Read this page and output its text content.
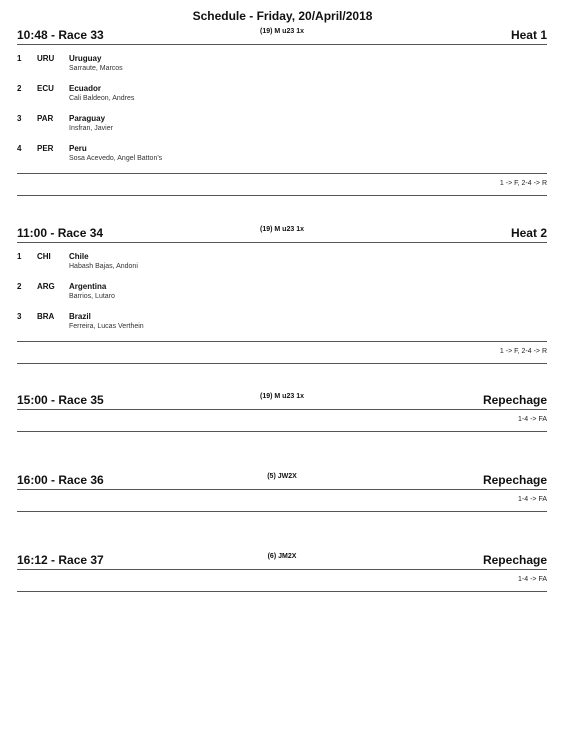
Schedule - Friday, 20/April/2018
10:48 - Race 33	(19) M u23 1x	Heat 1
1 URU Uruguay
Sarraute, Marcos
2 ECU Ecuador
Cali Baldeon, Andres
3 PAR Paraguay
Insfran, Javier
4 PER Peru
Sosa Acevedo, Angel Batton's
1 -> F, 2-4 -> R
11:00 - Race 34	(19) M u23 1x	Heat 2
1 CHI Chile
Habash Bajas, Andoni
2 ARG Argentina
Barrios, Lutaro
3 BRA Brazil
Ferreira, Lucas Verthein
1 -> F, 2-4 -> R
15:00 - Race 35	(19) M u23 1x	Repechage
1-4 -> FA
16:00 - Race 36	(5) JW2X	Repechage
1-4 -> FA
16:12 - Race 37	(6) JM2X	Repechage
1-4 -> FA
